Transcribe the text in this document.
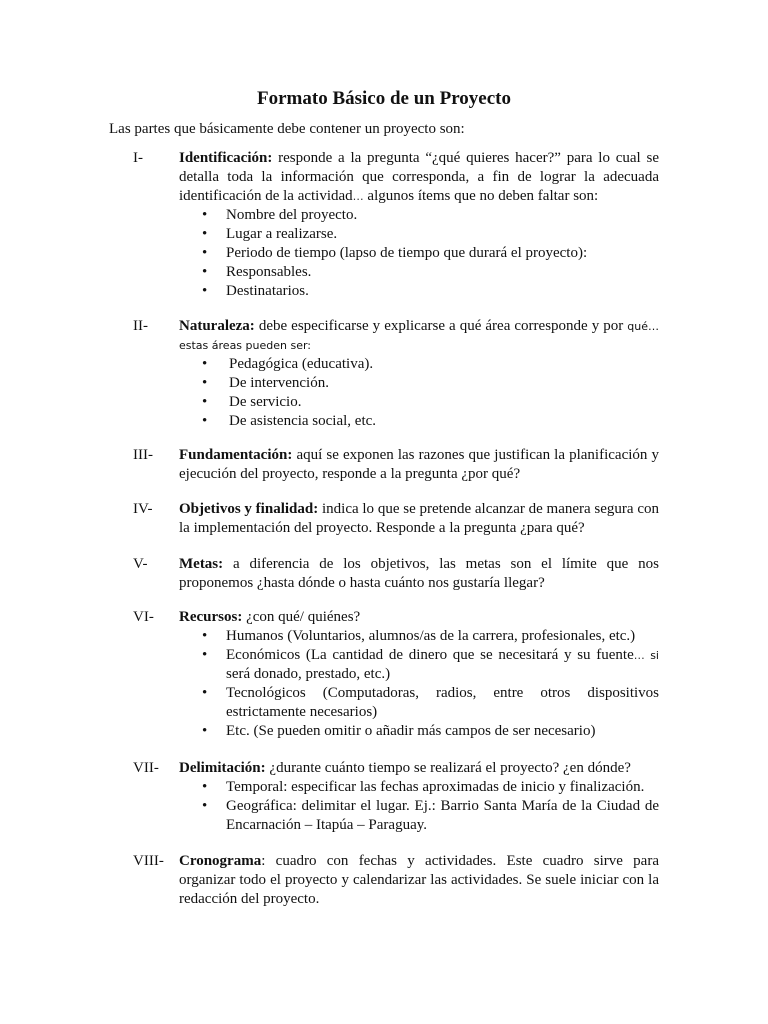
Formato Básico de un Proyecto
Las partes que básicamente debe contener un proyecto son:
I- Identificación: responde a la pregunta “¿qué quieres hacer?” para lo cual se detalla toda la información que corresponda, a fin de lograr la adecuada identificación de la actividad… algunos ítems que no deben faltar son:
• Nombre del proyecto.
• Lugar a realizarse.
• Periodo de tiempo (lapso de tiempo que durará el proyecto):
• Responsables.
• Destinatarios.
II- Naturaleza: debe especificarse y explicarse a qué área corresponde y por qué… estas áreas pueden ser:
• Pedagógica (educativa).
• De intervención.
• De servicio.
• De asistencia social, etc.
III- Fundamentación: aquí se exponen las razones que justifican la planificación y ejecución del proyecto, responde a la pregunta ¿por qué?
IV- Objetivos y finalidad: indica lo que se pretende alcanzar de manera segura con la implementación del proyecto. Responde a la pregunta ¿para qué?
V- Metas: a diferencia de los objetivos, las metas son el límite que nos proponemos ¿hasta dónde o hasta cuánto nos gustaría llegar?
VI- Recursos: ¿con qué/ quiénes?
• Humanos (Voluntarios, alumnos/as de la carrera, profesionales, etc.)
• Económicos (La cantidad de dinero que se necesitará y su fuente… si será donado, prestado, etc.)
• Tecnológicos (Computadoras, radios, entre otros dispositivos estrictamente necesarios)
• Etc. (Se pueden omitir o añadir más campos de ser necesario)
VII- Delimitación: ¿durante cuánto tiempo se realizará el proyecto? ¿en dónde?
• Temporal: especificar las fechas aproximadas de inicio y finalización.
• Geográfica: delimitar el lugar. Ej.: Barrio Santa María de la Ciudad de Encarnación – Itapúa – Paraguay.
VIII- Cronograma: cuadro con fechas y actividades. Este cuadro sirve para organizar todo el proyecto y calendarizar las actividades. Se suele iniciar con la redacción del proyecto.
